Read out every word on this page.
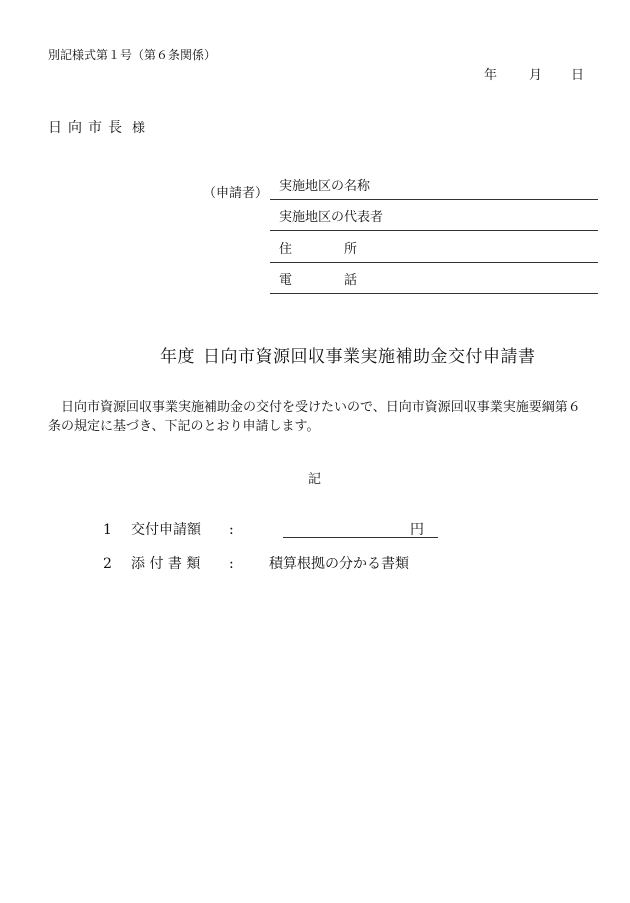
別記様式第１号（第６条関係）
年 月 日
日向市長 様
（申請者） 実施地区の名称
実施地区の代表者
住　　　　所
電　　　　話
年度 日向市資源回収事業実施補助金交付申請書
日向市資源回収事業実施補助金の交付を受けたいので、日向市資源回収事業実施要綱第６条の規定に基づき、下記のとおり申請します。
記
1 交付申請額 :	円
2 添 付 書 類 :	積算根拠の分かる書類
